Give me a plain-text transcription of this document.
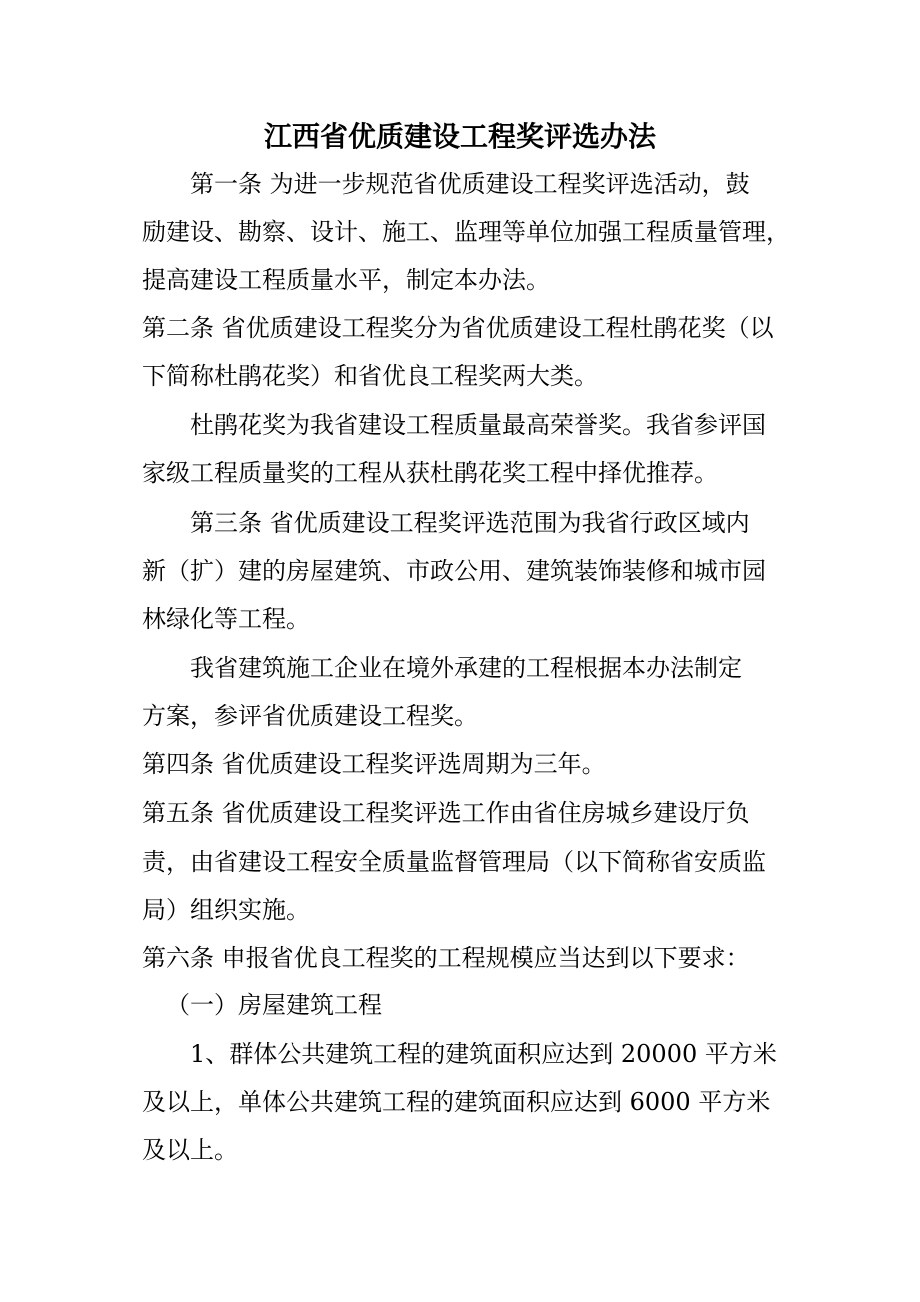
江西省优质建设工程奖评选办法
第一条 为进一步规范省优质建设工程奖评选活动，鼓
励建设、勘察、设计、施工、监理等单位加强工程质量管理，
提高建设工程质量水平，制定本办法。
第二条 省优质建设工程奖分为省优质建设工程杜鹃花奖（以
下简称杜鹃花奖）和省优良工程奖两大类。
杜鹃花奖为我省建设工程质量最高荣誉奖。我省参评国
家级工程质量奖的工程从获杜鹃花奖工程中择优推荐。
第三条 省优质建设工程奖评选范围为我省行政区域内
新（扩）建的房屋建筑、市政公用、建筑装饰装修和城市园
林绿化等工程。
我省建筑施工企业在境外承建的工程根据本办法制定
方案，参评省优质建设工程奖。
第四条 省优质建设工程奖评选周期为三年。
第五条 省优质建设工程奖评选工作由省住房城乡建设厅负
责，由省建设工程安全质量监督管理局（以下简称省安质监
局）组织实施。
第六条 申报省优良工程奖的工程规模应当达到以下要求：
（一）房屋建筑工程
1、群体公共建筑工程的建筑面积应达到 20000 平方米
及以上，单体公共建筑工程的建筑面积应达到 6000 平方米
及以上。
